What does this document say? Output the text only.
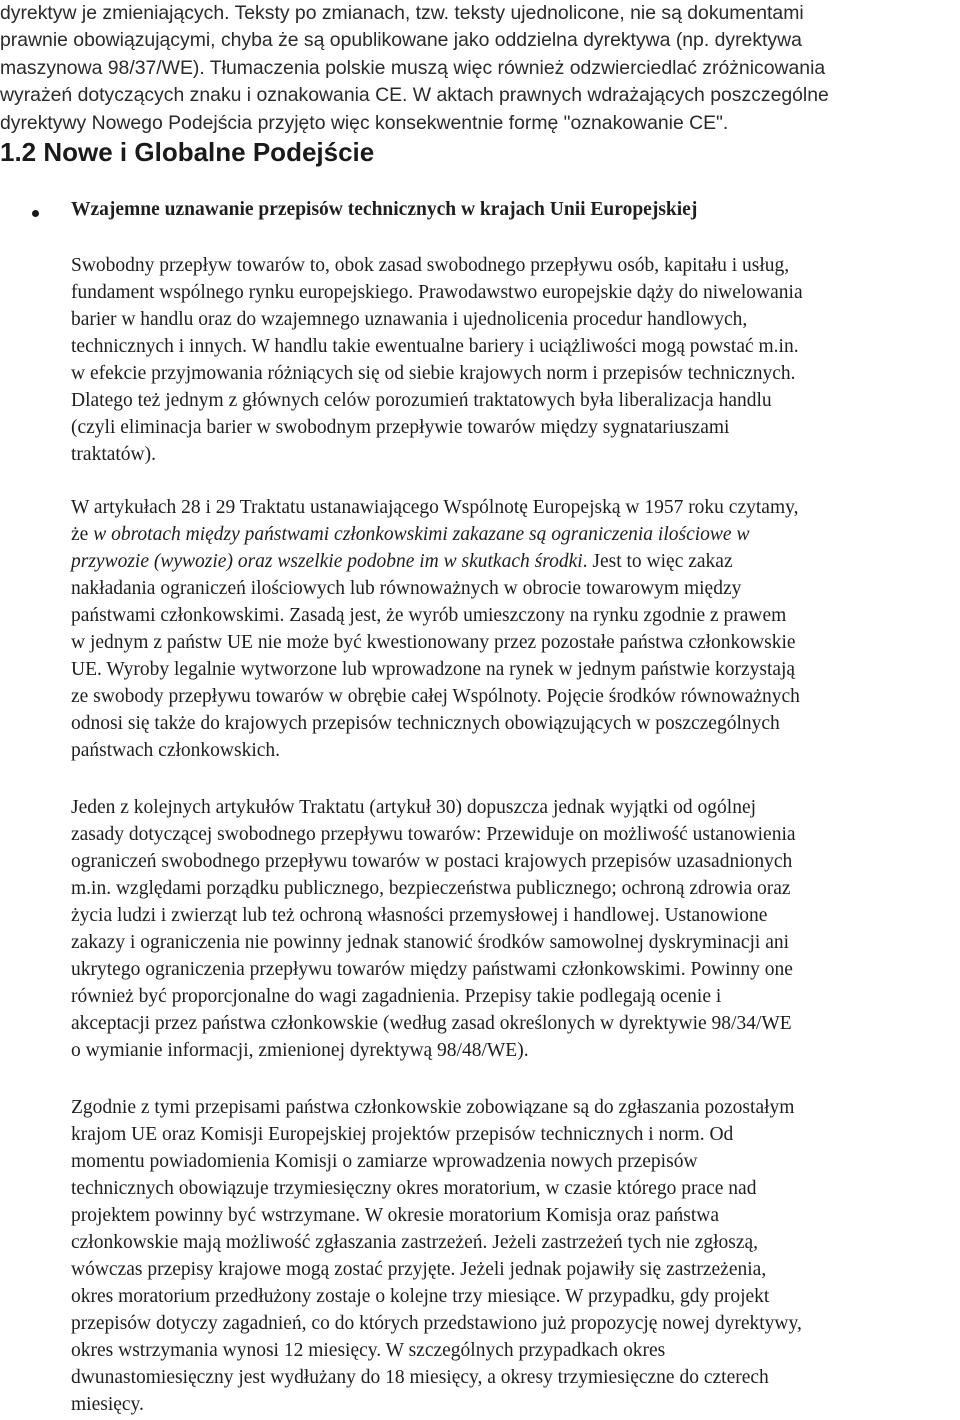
dyrektyw je zmieniających. Teksty po zmianach, tzw. teksty ujednolicone, nie są dokumentami
prawnie obowiązującymi, chyba że są opublikowane jako oddzielna dyrektywa (np. dyrektywa
maszynowa 98/37/WE). Tłumaczenia polskie muszą więc również odzwierciedlać zróżnicowania
wyrażeń dotyczących znaku i oznakowania CE. W aktach prawnych wdrażających poszczególne
dyrektywy Nowego Podejścia przyjęto więc konsekwentnie formę "oznakowanie CE".
1.2 Nowe i Globalne Podejście
Wzajemne uznawanie przepisów technicznych w krajach Unii Europejskiej
Swobodny przepływ towarów to, obok zasad swobodnego przepływu osób, kapitału i usług,
fundament wspólnego rynku europejskiego. Prawodawstwo europejskie dąży do niwelowania
barier w handlu oraz do wzajemnego uznawania i ujednolicenia procedur handlowych,
technicznych i innych. W handlu takie ewentualne bariery i uciążliwości mogą powstać m.in.
w efekcie przyjmowania różniących się od siebie krajowych norm i przepisów technicznych.
Dlatego też jednym z głównych celów porozumień traktatowych była liberalizacja handlu
(czyli eliminacja barier w swobodnym przepływie towarów między sygnatariuszami
traktatów).
W artykułach 28 i 29 Traktatu ustanawiającego Wspólnotę Europejską w 1957 roku czytamy,
że w obrotach między państwami członkowskimi zakazane są ograniczenia ilościowe w
przywozie (wywozie) oraz wszelkie podobne im w skutkach środki. Jest to więc zakaz
nakładania ograniczeń ilościowych lub równoważnych w obrocie towarowym między
państwami członkowskimi. Zasadą jest, że wyrób umieszczony na rynku zgodnie z prawem
w jednym z państw UE nie może być kwestionowany przez pozostałe państwa członkowskie
UE. Wyroby legalnie wytworzone lub wprowadzone na rynek w jednym państwie korzystają
ze swobody przepływu towarów w obrębie całej Wspólnoty. Pojęcie środków równoważnych
odnosi się także do krajowych przepisów technicznych obowiązujących w poszczególnych
państwach członkowskich.
Jeden z kolejnych artykułów Traktatu (artykuł 30) dopuszcza jednak wyjątki od ogólnej
zasady dotyczącej swobodnego przepływu towarów: Przewiduje on możliwość ustanowienia
ograniczeń swobodnego przepływu towarów w postaci krajowych przepisów uzasadnionych
m.in. względami porządku publicznego, bezpieczeństwa publicznego; ochroną zdrowia oraz
życia ludzi i zwierząt lub też ochroną własności przemysłowej i handlowej. Ustanowione
zakazy i ograniczenia nie powinny jednak stanowić środków samowolnej dyskryminacji ani
ukrytego ograniczenia przepływu towarów między państwami członkowskimi. Powinny one
również być proporcjonalne do wagi zagadnienia. Przepisy takie podlegają ocenie i
akceptacji przez państwa członkowskie (według zasad określonych w dyrektywie 98/34/WE
o wymianie informacji, zmienionej dyrektywą 98/48/WE).
Zgodnie z tymi przepisami państwa członkowskie zobowiązane są do zgłaszania pozostałym
krajom UE oraz Komisji Europejskiej projektów przepisów technicznych i norm. Od
momentu powiadomienia Komisji o zamiarze wprowadzenia nowych przepisów
technicznych obowiązuje trzymiesięczny okres moratorium, w czasie którego prace nad
projektem powinny być wstrzymane. W okresie moratorium Komisja oraz państwa
członkowskie mają możliwość zgłaszania zastrzeżeń. Jeżeli zastrzeżeń tych nie zgłoszą,
wówczas przepisy krajowe mogą zostać przyjęte. Jeżeli jednak pojawiły się zastrzeżenia,
okres moratorium przedłużony zostaje o kolejne trzy miesiące. W przypadku, gdy projekt
przepisów dotyczy zagadnień, co do których przedstawiono już propozycję nowej dyrektywy,
okres wstrzymania wynosi 12 miesięcy. W szczególnych przypadkach okres
dwunastomiesięczny jest wydłużany do 18 miesięcy, a okresy trzymiesięczne do czterech
miesięcy.
